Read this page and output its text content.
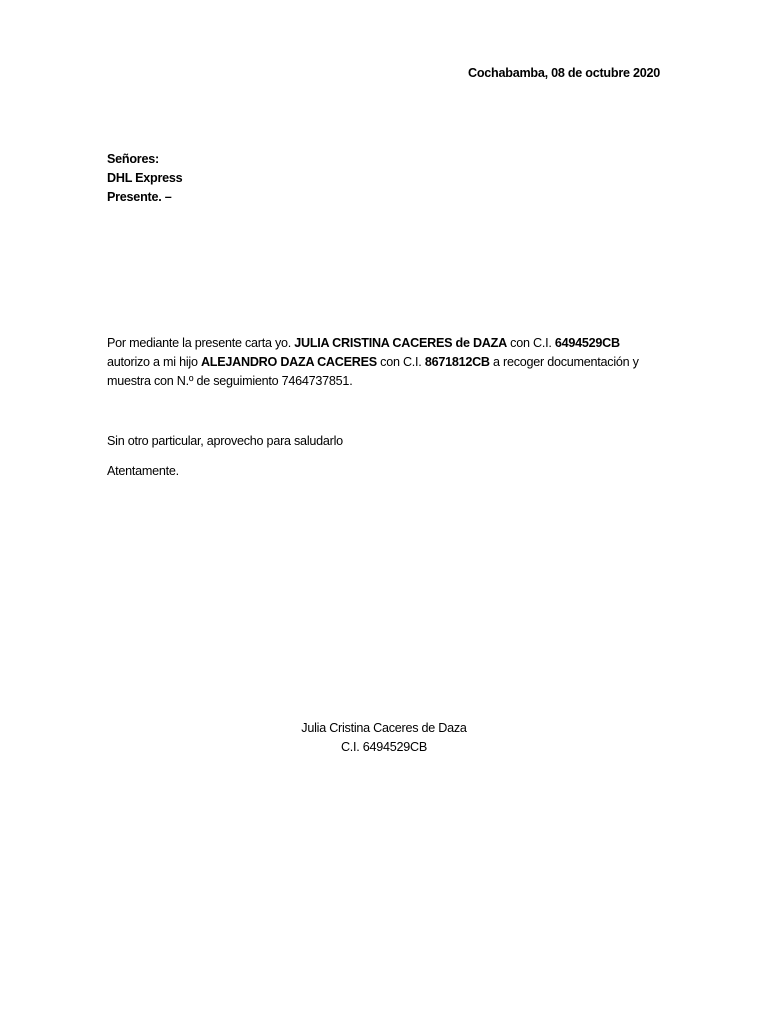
Cochabamba, 08 de octubre 2020

Señores:
DHL Express
Presente. –

Por mediante la presente carta yo. JULIA CRISTINA CACERES de DAZA con C.I. 6494529CB autorizo a mi hijo ALEJANDRO DAZA CACERES con C.I. 8671812CB a recoger documentación y muestra con N.º de seguimiento 7464737851.

Sin otro particular, aprovecho para saludarlo

Atentamente.

Julia Cristina Caceres de Daza
C.I. 6494529CB
